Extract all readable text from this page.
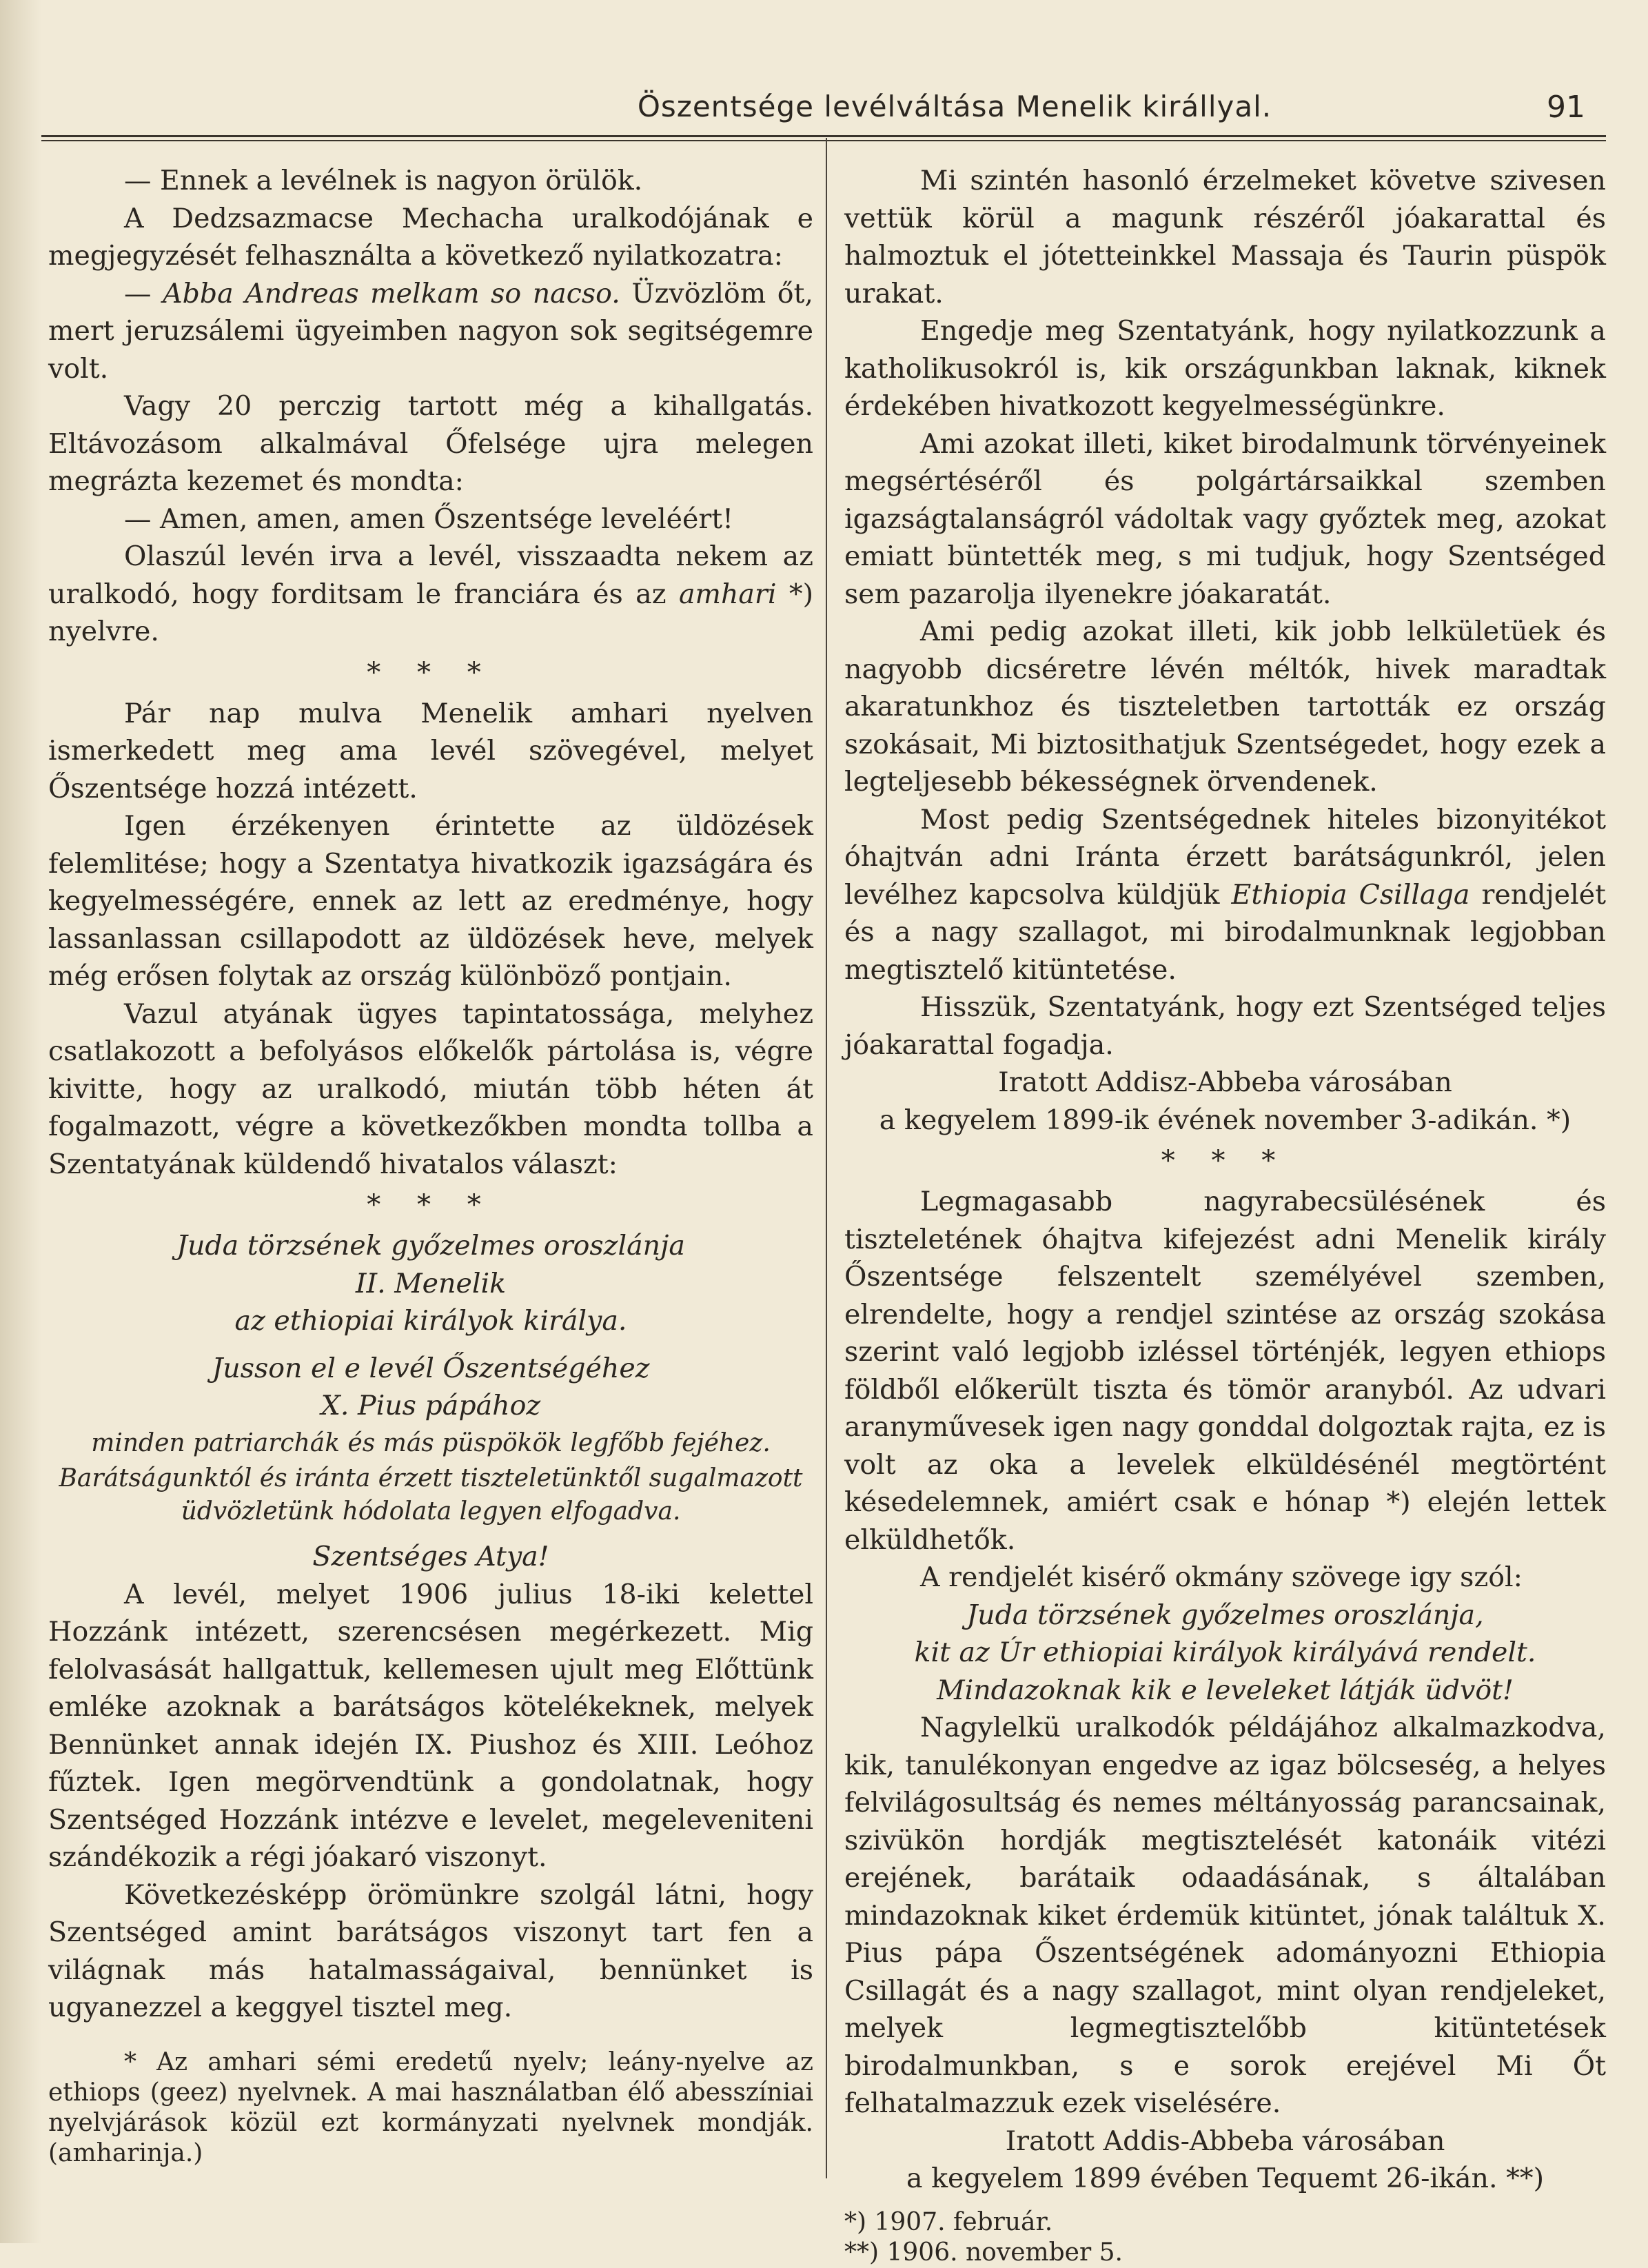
Öszentsége levélváltása Menelik királlyal.	91

— Ennek a levélnek is nagyon örülök.

A Dedzsazmacse Mechacha uralkodójának e megjegyzését felhasználta a következő nyilatkozatra:

— Abba Andreas melkam so nacso. Üzvözlöm őt, mert jeruzsálemi ügyeimben nagyon sok segitségemre volt.

Vagy 20 perczig tartott még a kihallgatás. Eltávozásom alkalmával Őfelsége ujra melegen megrázta kezemet és mondta:

— Amen, amen, amen Őszentsége leveléért!

Olaszúl levén irva a levél, visszaadta nekem az uralkodó, hogy forditsam le franciára és az amhari *) nyelvre.

* * *

Pár nap mulva Menelik amhari nyelven ismerkedett meg ama levél szövegével, melyet Őszentsége hozzá intézett.

Igen érzékenyen érintette az üldözések felemlitése; hogy a Szentatya hivatkozik igazságára és kegyelmességére, ennek az lett az eredménye, hogy lassanlassan csillapodott az üldözések heve, melyek még erősen folytak az ország különböző pontjain.

Vazul atyának ügyes tapintatossága, melyhez csatlakozott a befolyásos előkelők pártolása is, végre kivitte, hogy az uralkodó, miután több héten át fogalmazott, végre a következőkben mondta tollba a Szentatyának küldendő hivatalos választ:

* * *

Juda törzsének győzelmes oroszlánja

II. Menelik

az ethiopiai királyok királya.

Jusson el e levél Őszentségéhez

X. Pius pápához

minden patriarchák és más püspökök legfőbb fejéhez.

Barátságunktól és iránta érzett tiszteletünktől sugalmazott üdvözletünk hódolata legyen elfogadva.

Szentséges Atya!

A levél, melyet 1906 julius 18-iki kelettel Hozzánk intézett, szerencsésen megérkezett. Mig felolvasását hallgattuk, kellemesen ujult meg Előttünk emléke azoknak a barátságos kötelékeknek, melyek Bennünket annak idején IX. Piushoz és XIII. Leóhoz fűztek. Igen megörvendtünk a gondolatnak, hogy Szentséged Hozzánk intézve e levelet, megeleveniteni szándékozik a régi jóakaró viszonyt.

Következésképp örömünkre szolgál látni, hogy Szentséged amint barátságos viszonyt tart fen a világnak más hatalmasságaival, bennünket is ugyanezzel a keggyel tisztel meg.

* Az amhari sémi eredetű nyelv; leány-nyelve az ethiops (geez) nyelvnek. A mai használatban élő abesszíniai nyelvjárások közül ezt kormányzati nyelvnek mondják. (amharinja.)

Mi szintén hasonló érzelmeket követve szivesen vettük körül a magunk részéről jóakarattal és halmoztuk el jótetteinkkel Massaja és Taurin püspök urakat.

Engedje meg Szentatyánk, hogy nyilatkozzunk a katholikusokról is, kik országunkban laknak, kiknek érdekében hivatkozott kegyelmességünkre.

Ami azokat illeti, kiket birodalmunk törvényeinek megsértéséről és polgártársaikkal szemben igazságtalanságról vádoltak vagy győztek meg, azokat emiatt büntették meg, s mi tudjuk, hogy Szentséged sem pazarolja ilyenekre jóakaratát.

Ami pedig azokat illeti, kik jobb lelkületüek és nagyobb dicséretre lévén méltók, hivek maradtak akaratunkhoz és tiszteletben tartották ez ország szokásait, Mi biztosithatjuk Szentségedet, hogy ezek a legteljesebb békességnek örvendenek.

Most pedig Szentségednek hiteles bizonyitékot óhajtván adni Iránta érzett barátságunkról, jelen levélhez kapcsolva küldjük Ethiopia Csillaga rendjelét és a nagy szallagot, mi birodalmunknak legjobban megtisztelő kitüntetése.

Hisszük, Szentatyánk, hogy ezt Szentséged teljes jóakarattal fogadja.

Iratott Addisz-Abbeba városában

a kegyelem 1899-ik évének november 3-adikán. *)

* * *

Legmagasabb nagyrabecsülésének és tiszteletének óhajtva kifejezést adni Menelik király Őszentsége felszentelt személyével szemben, elrendelte, hogy a rendjel szintése az ország szokása szerint való legjobb izléssel történjék, legyen ethiops földből előkerült tiszta és tömör aranyból. Az udvari aranyművesek igen nagy gonddal dolgoztak rajta, ez is volt az oka a levelek elküldésénél megtörtént késedelemnek, amiért csak e hónap *) elején lettek elküldhetők.

A rendjelét kisérő okmány szövege igy szól:

Juda törzsének győzelmes oroszlánja,

kit az Úr ethiopiai királyok királyává rendelt.

Mindazoknak kik e leveleket látják üdvöt!

Nagylelkü uralkodók példájához alkalmazkodva, kik, tanulékonyan engedve az igaz bölcseség, a helyes felvilágosultság és nemes méltányosság parancsainak, szivükön hordják megtisztelését katonáik vitézi erejének, barátaik odaadásának, s általában mindazoknak kiket érdemük kitüntet, jónak találtuk X. Pius pápa Őszentségének adományozni Ethiopia Csillagát és a nagy szallagot, mint olyan rendjeleket, melyek legmegtisztelőbb kitüntetések birodalmunkban, s e sorok erejével Mi Őt felhatalmazzuk ezek viselésére.

Iratott Addis-Abbeba városában

a kegyelem 1899 évében Tequemt 26-ikán. **)

*) 1907. február.

**) 1906. november 5.
